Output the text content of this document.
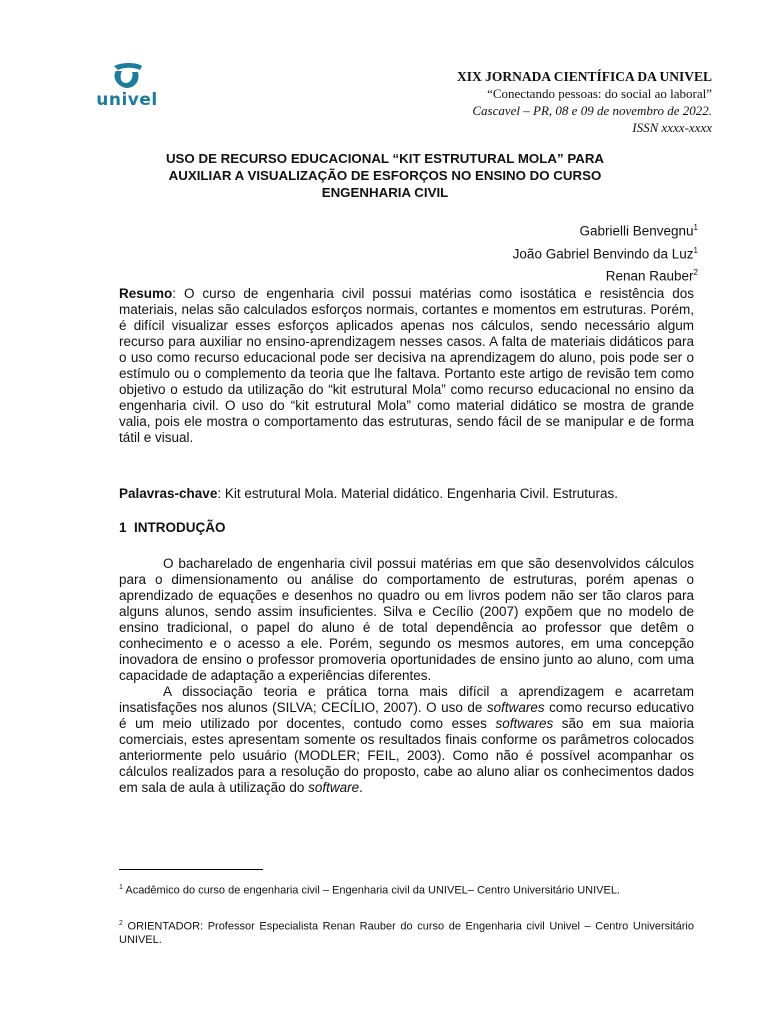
univel
XIX JORNADA CIENTÍFICA DA UNIVEL
“Conectando pessoas: do social ao laboral”
Cascavel – PR, 08 e 09 de novembro de 2022.
ISSN xxxx-xxxx
USO DE RECURSO EDUCACIONAL “KIT ESTRUTURAL MOLA” PARA
AUXILIAR A VISUALIZAÇÃO DE ESFORÇOS NO ENSINO DO CURSO
ENGENHARIA CIVIL
Gabrielli Benvegnu$^1$
João Gabriel Benvindo da Luz$^1$
Renan Rauber$^2$
Resumo: O curso de engenharia civil possui matérias como isostática e resistência dos materiais, nelas são calculados esforços normais, cortantes e momentos em estruturas. Porém, é difícil visualizar esses esforços aplicados apenas nos cálculos, sendo necessário algum recurso para auxiliar no ensino-aprendizagem nesses casos. A falta de materiais didáticos para o uso como recurso educacional pode ser decisiva na aprendizagem do aluno, pois pode ser o estímulo ou o complemento da teoria que lhe faltava. Portanto este artigo de revisão tem como objetivo o estudo da utilização do “kit estrutural Mola” como recurso educacional no ensino da engenharia civil. O uso do “kit estrutural Mola” como material didático se mostra de grande valia, pois ele mostra o comportamento das estruturas, sendo fácil de se manipular e de forma tátil e visual.
Palavras-chave: Kit estrutural Mola. Material didático. Engenharia Civil. Estruturas.
1 INTRODUÇÃO

O bacharelado de engenharia civil possui matérias em que são desenvolvidos cálculos para o dimensionamento ou análise do comportamento de estruturas, porém apenas o aprendizado de equações e desenhos no quadro ou em livros podem não ser tão claros para alguns alunos, sendo assim insuficientes. Silva e Cecílio (2007) expõem que no modelo de ensino tradicional, o papel do aluno é de total dependência ao professor que detêm o conhecimento e o acesso a ele. Porém, segundo os mesmos autores, em uma concepção inovadora de ensino o professor promoveria oportunidades de ensino junto ao aluno, com uma capacidade de adaptação a experiências diferentes.

A dissociação teoria e prática torna mais difícil a aprendizagem e acarretam insatisfações nos alunos (SILVA; CECÍLIO, 2007). O uso de softwares como recurso educativo é um meio utilizado por docentes, contudo como esses softwares são em sua maioria comerciais, estes apresentam somente os resultados finais conforme os parâmetros colocados anteriormente pelo usuário (MODLER; FEIL, 2003). Como não é possível acompanhar os cálculos realizados para a resolução do proposto, cabe ao aluno aliar os conhecimentos dados em sala de aula à utilização do software.

$^1$ Acadêmico do curso de engenharia civil – Engenharia civil da UNIVEL– Centro Universitário UNIVEL.
$^2$ ORIENTADOR: Professor Especialista Renan Rauber do curso de Engenharia civil Univel – Centro Universitário UNIVEL.
